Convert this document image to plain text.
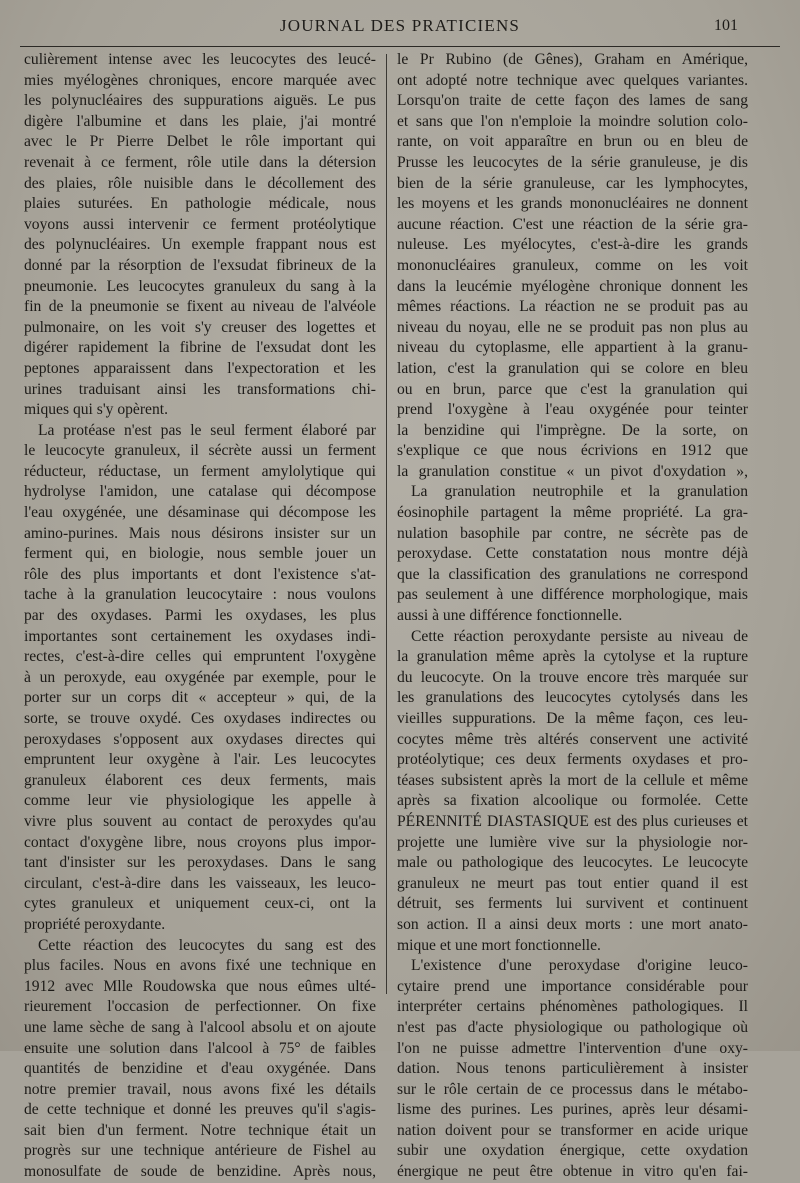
JOURNAL DES PRATICIENS	101
culièrement intense avec les leucocytes des leucé-
mies myélogènes chroniques, encore marquée avec
les polynucléaires des suppurations aiguës. Le pus
digère l'albumine et dans les plaie, j'ai montré
avec le Pr Pierre Delbet le rôle important qui
revenait à ce ferment, rôle utile dans la détersion
des plaies, rôle nuisible dans le décollement des
plaies suturées. En pathologie médicale, nous
voyons aussi intervenir ce ferment protéolytique
des polynucléaires. Un exemple frappant nous est
donné par la résorption de l'exsudat fibrineux de la
pneumonie. Les leucocytes granuleux du sang à la
fin de la pneumonie se fixent au niveau de l'alvéole
pulmonaire, on les voit s'y creuser des logettes et
digérer rapidement la fibrine de l'exsudat dont les
peptones apparaissent dans l'expectoration et les
urines traduisant ainsi les transformations chi-
miques qui s'y opèrent.
La protéase n'est pas le seul ferment élaboré par
le leucocyte granuleux, il sécrète aussi un ferment
réducteur, réductase, un ferment amylolytique qui
hydrolyse l'amidon, une catalase qui décompose
l'eau oxygénée, une désaminase qui décompose les
amino-purines. Mais nous désirons insister sur un
ferment qui, en biologie, nous semble jouer un
rôle des plus importants et dont l'existence s'at-
tache à la granulation leucocytaire : nous voulons
par des oxydases. Parmi les oxydases, les plus
importantes sont certainement les oxydases indi-
rectes, c'est-à-dire celles qui empruntent l'oxygène
à un peroxyde, eau oxygénée par exemple, pour le
porter sur un corps dit « accepteur » qui, de la
sorte, se trouve oxydé. Ces oxydases indirectes ou
peroxydases s'opposent aux oxydases directes qui
empruntent leur oxygène à l'air. Les leucocytes
granuleux élaborent ces deux ferments, mais
comme leur vie physiologique les appelle à
vivre plus souvent au contact de peroxydes qu'au
contact d'oxygène libre, nous croyons plus impor-
tant d'insister sur les peroxydases. Dans le sang
circulant, c'est-à-dire dans les vaisseaux, les leuco-
cytes granuleux et uniquement ceux-ci, ont la
propriété peroxydante.
Cette réaction des leucocytes du sang est des
plus faciles. Nous en avons fixé une technique en
1912 avec Mlle Roudowska que nous eûmes ulté-
rieurement l'occasion de perfectionner. On fixe
une lame sèche de sang à l'alcool absolu et on ajoute
ensuite une solution dans l'alcool à 75° de faibles
quantités de benzidine et d'eau oxygénée. Dans
notre premier travail, nous avons fixé les détails
de cette technique et donné les preuves qu'il s'agis-
sait bien d'un ferment. Notre technique était un
progrès sur une technique antérieure de Fishel au
monosulfate de soude de benzidine. Après nous,
le Pr Rubino (de Gênes), Graham en Amérique,
ont adopté notre technique avec quelques variantes.
Lorsqu'on traite de cette façon des lames de sang
et sans que l'on n'emploie la moindre solution colo-
rante, on voit apparaître en brun ou en bleu de
Prusse les leucocytes de la série granuleuse, je dis
bien de la série granuleuse, car les lymphocytes,
les moyens et les grands mononucléaires ne donnent
aucune réaction. C'est une réaction de la série gra-
nuleuse. Les myélocytes, c'est-à-dire les grands
mononucléaires granuleux, comme on les voit
dans la leucémie myélogène chronique donnent les
mêmes réactions. La réaction ne se produit pas au
niveau du noyau, elle ne se produit pas non plus au
niveau du cytoplasme, elle appartient à la granu-
lation, c'est la granulation qui se colore en bleu
ou en brun, parce que c'est la granulation qui
prend l'oxygène à l'eau oxygénée pour teinter
la benzidine qui l'imprègne. De la sorte, on
s'explique ce que nous écrivions en 1912 que
la granulation constitue « un pivot d'oxydation »,
La granulation neutrophile et la granulation
éosinophile partagent la même propriété. La gra-
nulation basophile par contre, ne sécrète pas de
peroxydase. Cette constatation nous montre déjà
que la classification des granulations ne correspond
pas seulement à une différence morphologique, mais
aussi à une différence fonctionnelle.
Cette réaction peroxydante persiste au niveau de
la granulation même après la cytolyse et la rupture
du leucocyte. On la trouve encore très marquée sur
les granulations des leucocytes cytolysés dans les
vieilles suppurations. De la même façon, ces leu-
cocytes même très altérés conservent une activité
protéolytique; ces deux ferments oxydases et pro-
téases subsistent après la mort de la cellule et même
après sa fixation alcoolique ou formolée. Cette
PÉRENNITÉ DIASTASIQUE est des plus curieuses et
projette une lumière vive sur la physiologie nor-
male ou pathologique des leucocytes. Le leucocyte
granuleux ne meurt pas tout entier quand il est
détruit, ses ferments lui survivent et continuent
son action. Il a ainsi deux morts : une mort anato-
mique et une mort fonctionnelle.
L'existence d'une peroxydase d'origine leuco-
cytaire prend une importance considérable pour
interpréter certains phénomènes pathologiques. Il
n'est pas d'acte physiologique ou pathologique où
l'on ne puisse admettre l'intervention d'une oxy-
dation. Nous tenons particulièrement à insister
sur le rôle certain de ce processus dans le métabo-
lisme des purines. Les purines, après leur désami-
nation doivent pour se transformer en acide urique
subir une oxydation énergique, cette oxydation
énergique ne peut être obtenue in vitro qu'en fai-
